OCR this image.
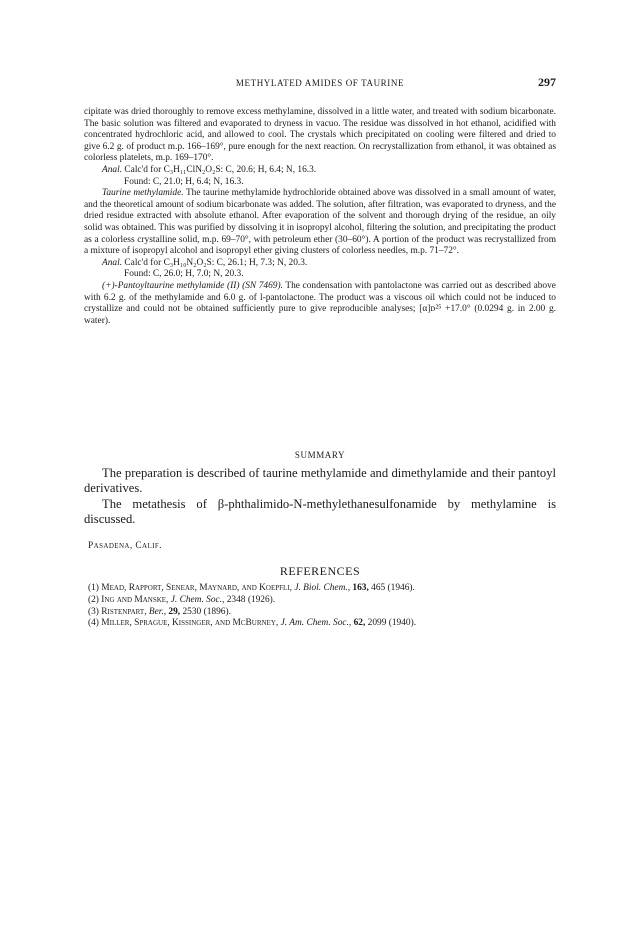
METHYLATED AMIDES OF TAURINE	297

cipitate was dried thoroughly to remove excess methylamine, dissolved in a little water, and treated with sodium bicarbonate. The basic solution was filtered and evaporated to dryness in vacuo. The residue was dissolved in hot ethanol, acidified with concentrated hydrochloric acid, and allowed to cool. The crystals which precipitated on cooling were filtered and dried to give 6.2 g. of product m.p. 166–169°, pure enough for the next reaction. On recrystallization from ethanol, it was obtained as colorless platelets, m.p. 169–170°.

Anal. Calc'd for C₃H₁₁ClN₂O₂S: C, 20.6; H, 6.4; N, 16.3.

Found: C, 21.0; H, 6.4; N, 16.3.

Taurine methylamide. The taurine methylamide hydrochloride obtained above was dissolved in a small amount of water, and the theoretical amount of sodium bicarbonate was added. The solution, after filtration, was evaporated to dryness, and the dried residue extracted with absolute ethanol. After evaporation of the solvent and thorough drying of the residue, an oily solid was obtained. This was purified by dissolving it in isopropyl alcohol, filtering the solution, and precipitating the product as a colorless crystalline solid, m.p. 69–70°, with petroleum ether (30–60°). A portion of the product was recrystallized from a mixture of isopropyl alcohol and isopropyl ether giving clusters of colorless needles, m.p. 71–72°.

Anal. Calc'd for C₃H₁₀N₂O₂S: C, 26.1; H, 7.3; N, 20.3.

Found: C, 26.0; H, 7.0; N, 20.3.

(+)-Pantoyltaurine methylamide (II) (SN 7469). The condensation with pantolactone was carried out as described above with 6.2 g. of the methylamide and 6.0 g. of l-pantolactone. The product was a viscous oil which could not be induced to crystallize and could not be obtained sufficiently pure to give reproducible analyses; [α]ᴅ²⁵ +17.0° (0.0294 g. in 2.00 g. water).

SUMMARY

The preparation is described of taurine methylamide and dimethylamide and their pantoyl derivatives.

The metathesis of β-phthalimido-N-methylethanesulfonamide by methylamine is discussed.

Pasadena, Calif.
REFERENCES
(1) Mead, Rapport, Senear, Maynard, and Koepfli, J. Biol. Chem., 163, 465 (1946).
(2) Ing and Manske, J. Chem. Soc., 2348 (1926).
(3) Ristenpart, Ber., 29, 2530 (1896).
(4) Miller, Sprague, Kissinger, and McBurney, J. Am. Chem. Soc., 62, 2099 (1940).
